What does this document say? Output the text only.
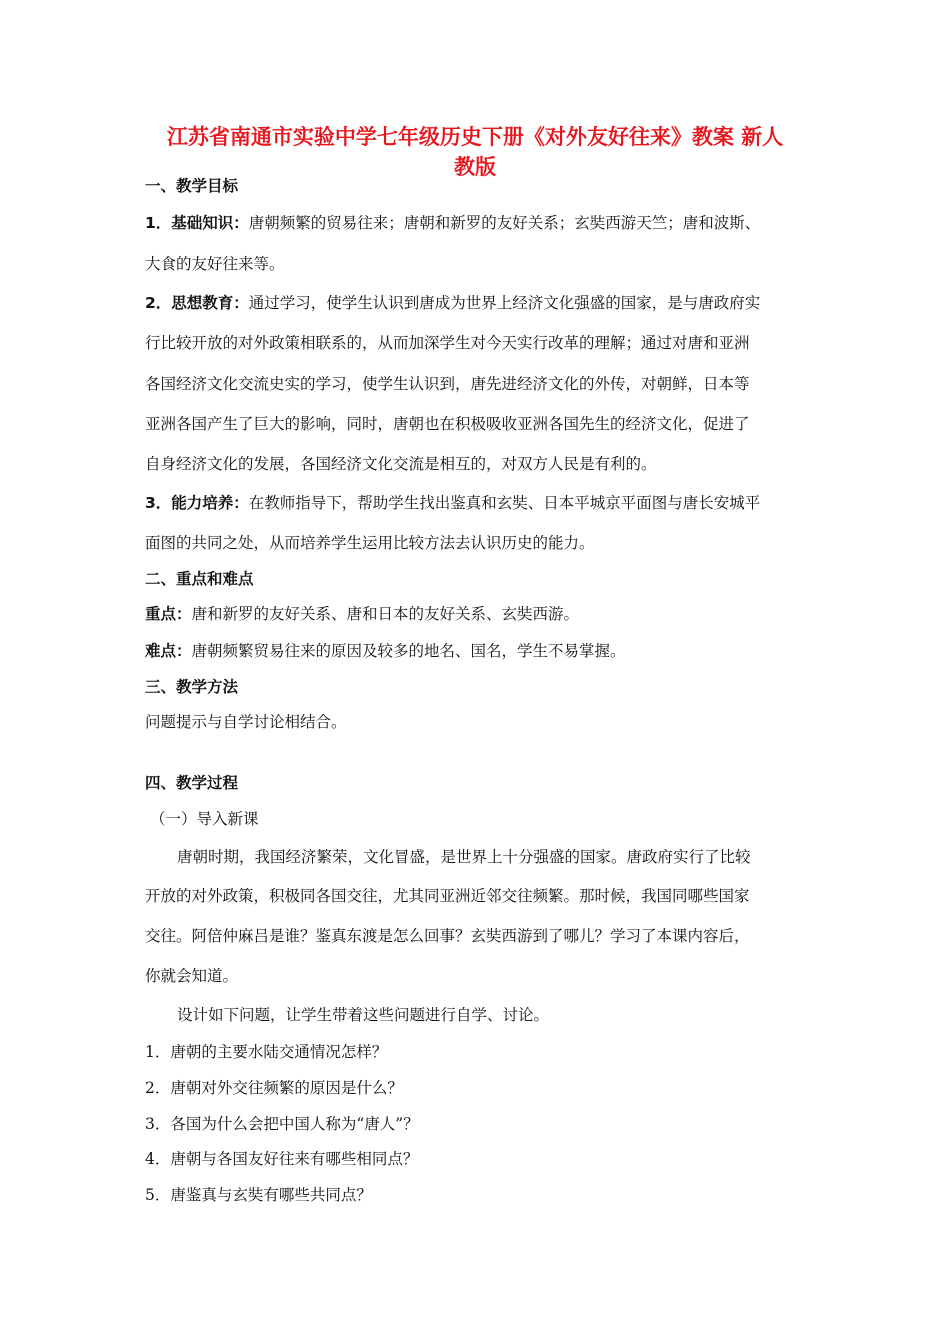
江苏省南通市实验中学七年级历史下册《对外友好往来》教案 新人
教版
一、教学目标
1．基础知识：唐朝频繁的贸易往来；唐朝和新罗的友好关系；玄奘西游天竺；唐和波斯、
大食的友好往来等。
2．思想教育：通过学习，使学生认识到唐成为世界上经济文化强盛的国家，是与唐政府实
行比较开放的对外政策相联系的，从而加深学生对今天实行改革的理解；通过对唐和亚洲
各国经济文化交流史实的学习，使学生认识到，唐先进经济文化的外传，对朝鲜，日本等
亚洲各国产生了巨大的影响，同时，唐朝也在积极吸收亚洲各国先生的经济文化，促进了
自身经济文化的发展，各国经济文化交流是相互的，对双方人民是有利的。
3．能力培养：在教师指导下，帮助学生找出鉴真和玄奘、日本平城京平面图与唐长安城平
面图的共同之处，从而培养学生运用比较方法去认识历史的能力。
二、重点和难点
重点：唐和新罗的友好关系、唐和日本的友好关系、玄奘西游。
难点：唐朝频繁贸易往来的原因及较多的地名、国名，学生不易掌握。
三、教学方法
问题提示与自学讨论相结合。
四、教学过程
（一）导入新课
唐朝时期，我国经济繁荣，文化冒盛，是世界上十分强盛的国家。唐政府实行了比较
开放的对外政策，积极同各国交往，尤其同亚洲近邻交往频繁。那时候，我国同哪些国家
交往。阿倍仲麻吕是谁？鉴真东渡是怎么回事？玄奘西游到了哪儿？学习了本课内容后，
你就会知道。
设计如下问题，让学生带着这些问题进行自学、讨论。
1．唐朝的主要水陆交通情况怎样？
2．唐朝对外交往频繁的原因是什么？
3．各国为什么会把中国人称为“唐人”？
4．唐朝与各国友好往来有哪些相同点？
5．唐鉴真与玄奘有哪些共同点？
